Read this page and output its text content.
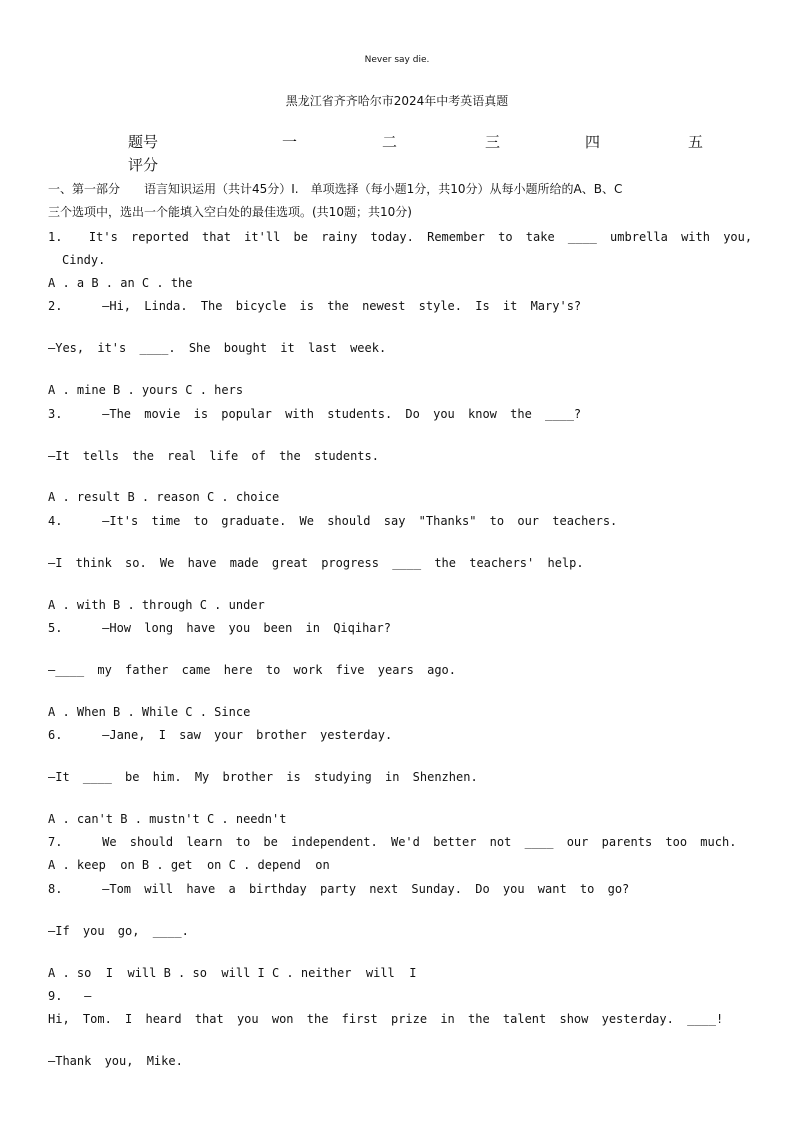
Never say die.
黑龙江省齐齐哈尔市2024年中考英语真题
题号	一	二	三	四	五
评分
一、第一部分　　语言知识运用（共计45分）I.　单项选择（每小题1分，共10分）从每小题所给的A、B、C
三个选项中，选出一个能填入空白处的最佳选项。(共10题；共10分)
1.  It's reported that it'll be rainy today. Remember to take ____ umbrella with you,
Cindy.
A . a B . an C . the
2.   —Hi, Linda. The bicycle is the newest style. Is it Mary's?
—Yes, it's ____. She bought it last week.
A . mine B . yours C . hers
3.   —The movie is popular with students. Do you know the ____?
—It tells the real life of the students.
A . result B . reason C . choice
4.   —It's time to graduate. We should say "Thanks" to our teachers.
—I think so. We have made great progress ____ the teachers' help.
A . with B . through C . under
5.   —How long have you been in Qiqihar?
—____ my father came here to work five years ago.
A . When B . While C . Since
6.   —Jane, I saw your brother yesterday.
—It ____ be him. My brother is studying in Shenzhen.
A . can't B . mustn't C . needn't
7.   We should learn to be independent. We'd better not ____ our parents too much.
A . keep  on B . get  on C . depend  on
8.   —Tom will have a birthday party next Sunday. Do you want to go?
—If you go, ____.
A . so  I  will B . so  will I C . neither  will  I
9.   —
Hi, Tom. I heard that you won the first prize in the talent show yesterday. ____!
—Thank you, Mike.
